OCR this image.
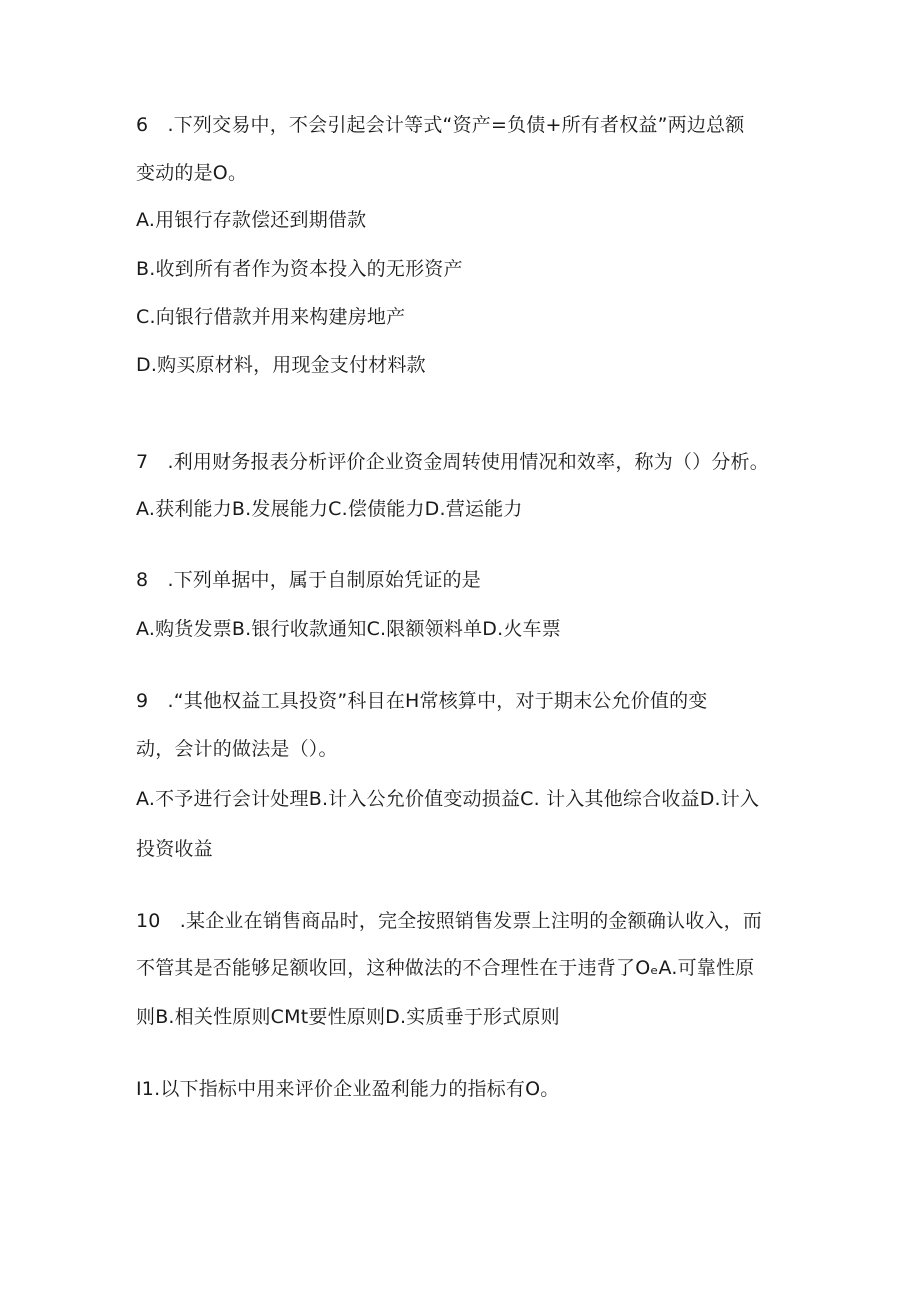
6　.下列交易中，不会引起会计等式“资产=负债+所有者权益”两边总额
变动的是O。
A.用银行存款偿还到期借款
B.收到所有者作为资本投入的无形资产
C.向银行借款并用来构建房地产
D.购买原材料，用现金支付材料款
7　.利用财务报表分析评价企业资金周转使用情况和效率，称为（）分析。
A.获利能力B.发展能力C.偿债能力D.营运能力
8　.下列单据中，属于自制原始凭证的是
A.购货发票B.银行收款通知C.限额领料单D.火车票
9　.“其他权益工具投资”科目在H常核算中，对于期末公允价值的变
动，会计的做法是（）。
A.不予进行会计处理B.计入公允价值变动损益C. 计入其他综合收益D.计入
投资收益
10　.某企业在销售商品时，完全按照销售发票上注明的金额确认收入，而
不管其是否能够足额收回，这种做法的不合理性在于违背了OₑA.可靠性原
则B.相关性原则CMt要性原则D.实质垂于形式原则
I1.以下指标中用来评价企业盈利能力的指标有O。
